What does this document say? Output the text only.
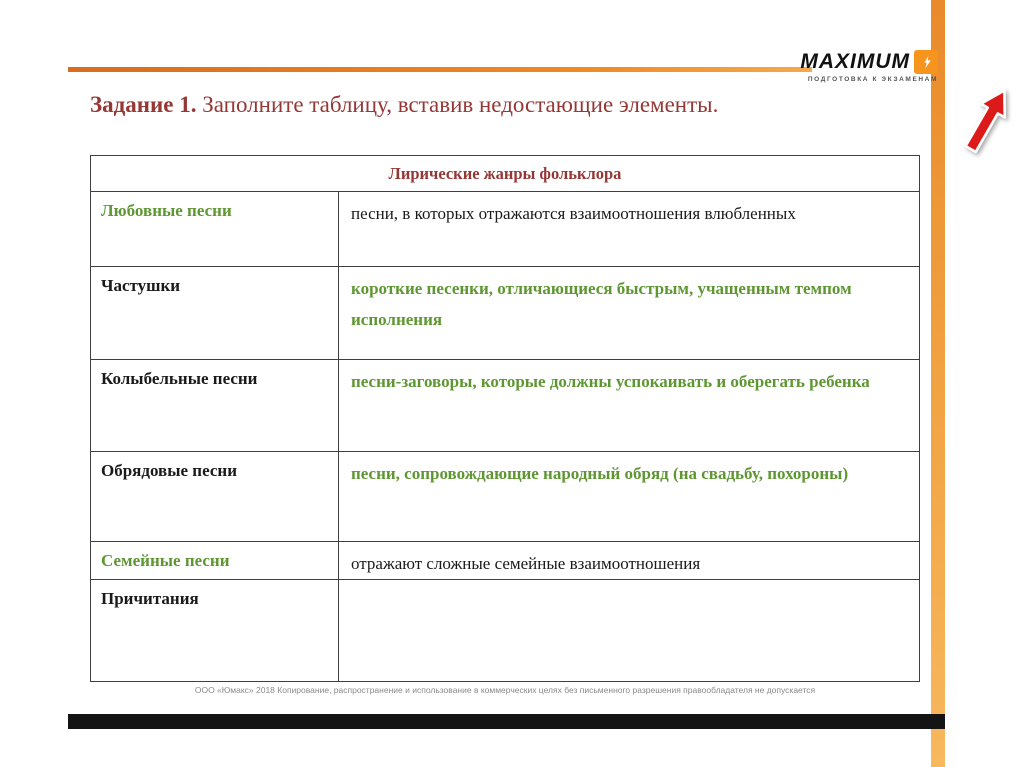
MAXIMUM
ПОДГОТОВКА К ЭКЗАМЕНАМ
Задание 1. Заполните таблицу, вставив недостающие элементы.
Лирические жанры фольклора
Любовные песни	песни, в которых отражаются взаимоотношения влюбленных
Частушки	короткие песенки, отличающиеся быстрым, учащенным темпом исполнения
Колыбельные песни	песни-заговоры, которые должны успокаивать и оберегать ребенка
Обрядовые песни	песни, сопровождающие народный обряд (на свадьбу, похороны)
Семейные песни	отражают сложные семейные взаимоотношения
Причитания
ООО «Юмакс» 2018 Копирование, распространение и использование в коммерческих целях без письменного разрешения правообладателя не допускается
